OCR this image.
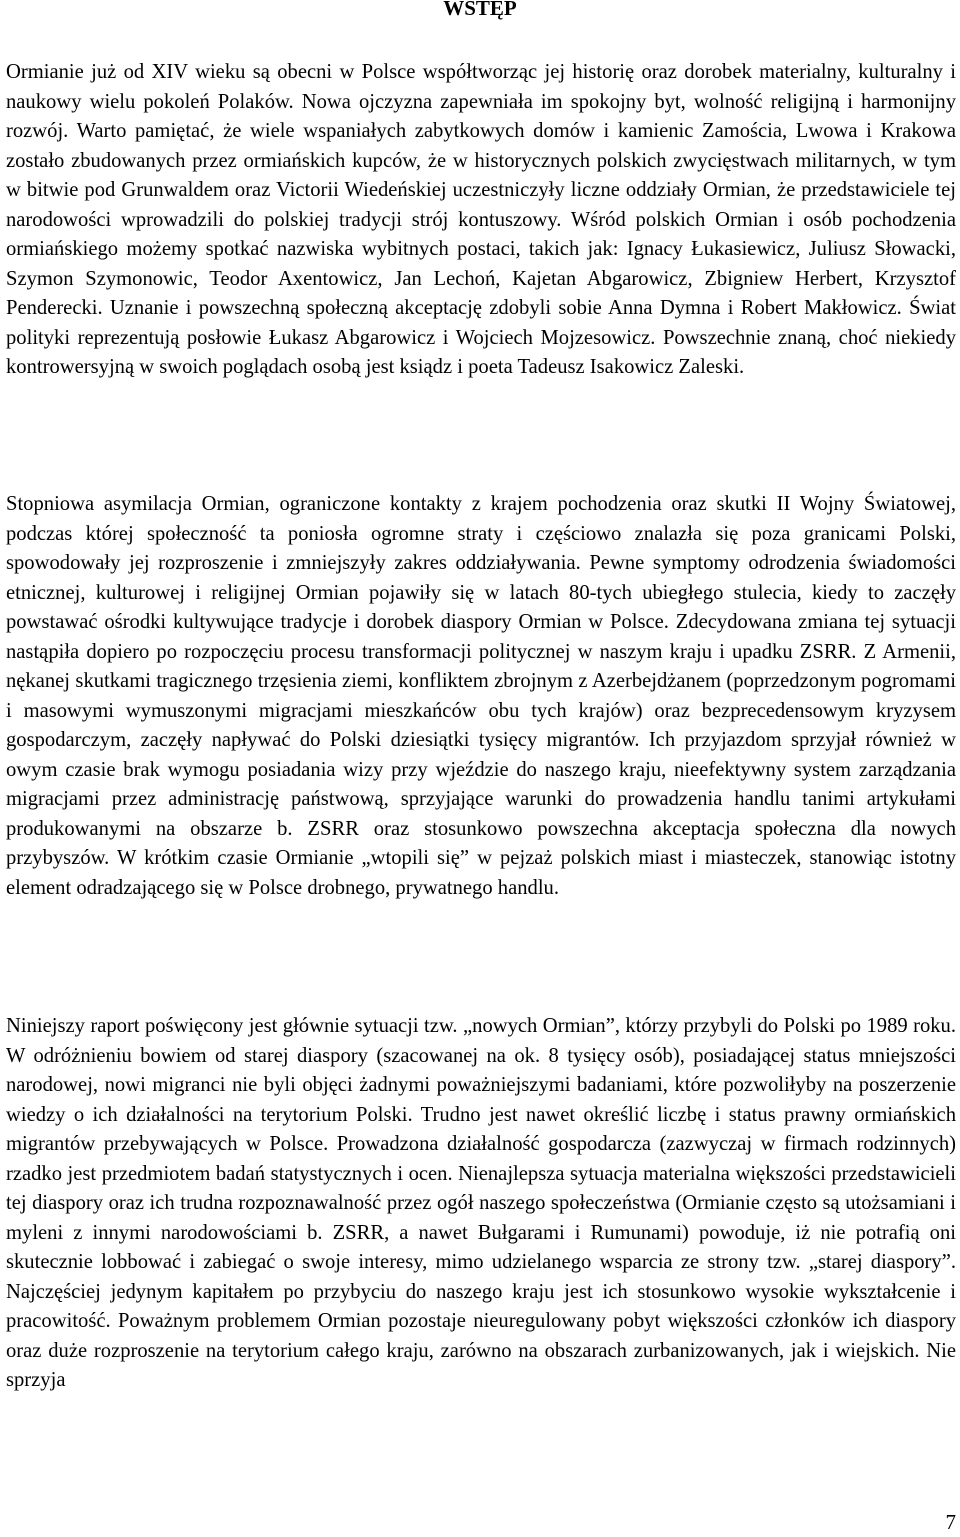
WSTĘP

Ormianie już od XIV wieku są obecni w Polsce współtworząc jej historię oraz dorobek materialny, kulturalny i naukowy wielu pokoleń Polaków. Nowa ojczyzna zapewniała im spokojny byt, wolność religijną i harmonijny rozwój. Warto pamiętać, że wiele wspaniałych zabytkowych domów i kamienic Zamościa, Lwowa i Krakowa zostało zbudowanych przez ormiańskich kupców, że w historycznych polskich zwycięstwach militarnych, w tym w bitwie pod Grunwaldem oraz Victorii Wiedeńskiej uczestniczyły liczne oddziały Ormian, że przedstawiciele tej narodowości wprowadzili do polskiej tradycji strój kontuszowy. Wśród polskich Ormian i osób pochodzenia ormiańskiego możemy spotkać nazwiska wybitnych postaci, takich jak: Ignacy Łukasiewicz, Juliusz Słowacki, Szymon Szymonowic, Teodor Axentowicz, Jan Lechoń, Kajetan Abgarowicz, Zbigniew Herbert, Krzysztof Penderecki. Uznanie i powszechną społeczną akceptację zdobyli sobie Anna Dymna i Robert Makłowicz. Świat polityki reprezentują posłowie Łukasz Abgarowicz i Wojciech Mojzesowicz. Powszechnie znaną, choć niekiedy kontrowersyjną w swoich poglądach osobą jest ksiądz i poeta Tadeusz Isakowicz Zaleski.

Stopniowa asymilacja Ormian, ograniczone kontakty z krajem pochodzenia oraz skutki II Wojny Światowej, podczas której społeczność ta poniosła ogromne straty i częściowo znalazła się poza granicami Polski, spowodowały jej rozproszenie i zmniejszyły zakres oddziaływania. Pewne symptomy odrodzenia świadomości etnicznej, kulturowej i religijnej Ormian pojawiły się w latach 80-tych ubiegłego stulecia, kiedy to zaczęły powstawać ośrodki kultywujące tradycje i dorobek diaspory Ormian w Polsce. Zdecydowana zmiana tej sytuacji nastąpiła dopiero po rozpoczęciu procesu transformacji politycznej w naszym kraju i upadku ZSRR. Z Armenii, nękanej skutkami tragicznego trzęsienia ziemi, konfliktem zbrojnym z Azerbejdżanem (poprzedzonym pogromami i masowymi wymuszonymi migracjami mieszkańców obu tych krajów) oraz bezprecedensowym kryzysem gospodarczym, zaczęły napływać do Polski dziesiątki tysięcy migrantów. Ich przyjazdom sprzyjał również w owym czasie brak wymogu posiadania wizy przy wjeździe do naszego kraju, nieefektywny system zarządzania migracjami przez administrację państwową, sprzyjające warunki do prowadzenia handlu tanimi artykułami produkowanymi na obszarze b. ZSRR oraz stosunkowo powszechna akceptacja społeczna dla nowych przybyszów. W krótkim czasie Ormianie „wtopili się” w pejzaż polskich miast i miasteczek, stanowiąc istotny element odradzającego się w Polsce drobnego, prywatnego handlu.

Niniejszy raport poświęcony jest głównie sytuacji tzw. „nowych Ormian”, którzy przybyli do Polski po 1989 roku. W odróżnieniu bowiem od starej diaspory (szacowanej na ok. 8 tysięcy osób), posiadającej status mniejszości narodowej, nowi migranci nie byli objęci żadnymi poważniejszymi badaniami, które pozwoliłyby na poszerzenie wiedzy o ich działalności na terytorium Polski. Trudno jest nawet określić liczbę i status prawny ormiańskich migrantów przebywających w Polsce. Prowadzona działalność gospodarcza (zazwyczaj w firmach rodzinnych) rzadko jest przedmiotem badań statystycznych i ocen. Nienajlepsza sytuacja materialna większości przedstawicieli tej diaspory oraz ich trudna rozpoznawalność przez ogół naszego społeczeństwa (Ormianie często są utożsamiani i myleni z innymi narodowościami b. ZSRR, a nawet Bułgarami i Rumunami) powoduje, iż nie potrafią oni skutecznie lobbować i zabiegać o swoje interesy, mimo udzielanego wsparcia ze strony tzw. „starej diaspory”. Najczęściej jedynym kapitałem po przybyciu do naszego kraju jest ich stosunkowo wysokie wykształcenie i pracowitość. Poważnym problemem Ormian pozostaje nieuregulowany pobyt większości członków ich diaspory oraz duże rozproszenie na terytorium całego kraju, zarówno na obszarach zurbanizowanych, jak i wiejskich. Nie sprzyja

7
